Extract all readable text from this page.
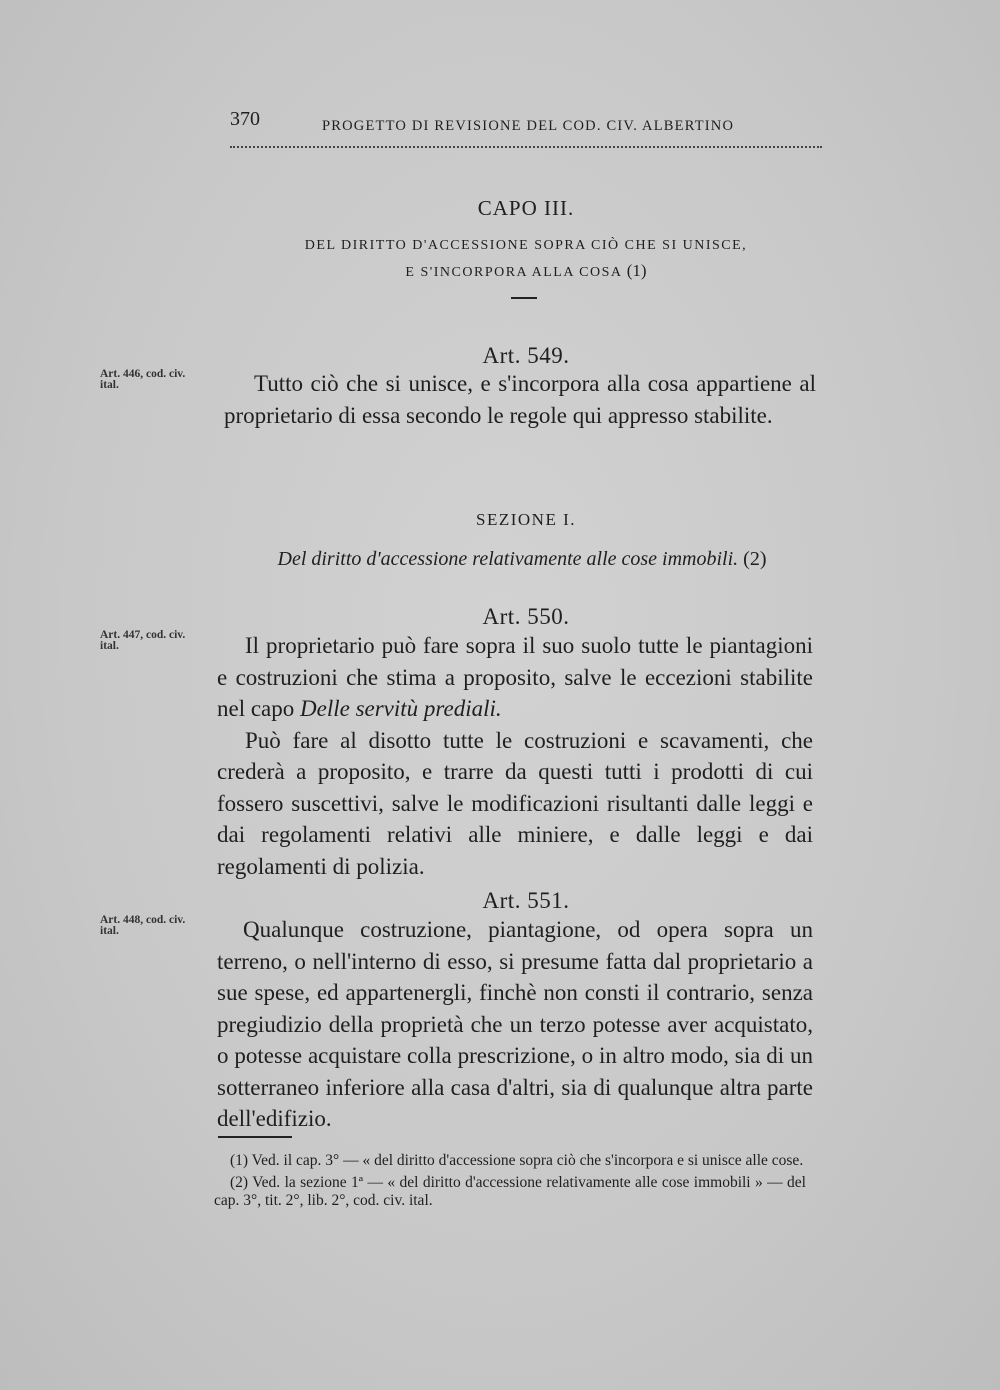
370	PROGETTO DI REVISIONE DEL COD. CIV. ALBERTINO
CAPO III.
DEL DIRITTO D'ACCESSIONE SOPRA CIÒ CHE SI UNISCE,
E S'INCORPORA ALLA COSA (1)
Art. 549.
Art. 446, cod. civ.
ital.	Tutto ciò che si unisce, e s'incorpora alla cosa appartiene al proprietario di essa secondo le regole qui appresso stabilite.
SEZIONE I.
Del diritto d'accessione relativamente alle cose immobili. (2)
Art. 550.
Art. 447, cod. civ.
ital.	Il proprietario può fare sopra il suo suolo tutte le piantagioni e costruzioni che stima a proposito, salve le eccezioni stabilite nel capo Delle servitù prediali.
Può fare al disotto tutte le costruzioni e scavamenti, che crederà a proposito, e trarre da questi tutti i prodotti di cui fossero suscettivi, salve le modificazioni risultanti dalle leggi e dai regolamenti relativi alle miniere, e dalle leggi e dai regolamenti di polizia.
Art. 551.
Art. 448, cod. civ.
ital.	Qualunque costruzione, piantagione, od opera sopra un terreno, o nell'interno di esso, si presume fatta dal proprietario a sue spese, ed appartenergli, finchè non consti il contrario, senza pregiudizio della proprietà che un terzo potesse aver acquistato, o potesse acquistare colla prescrizione, o in altro modo, sia di un sotterraneo inferiore alla casa d'altri, sia di qualunque altra parte dell'edifizio.

(1) Ved. il cap. 3° — « del diritto d'accessione sopra ciò che s'incorpora e si unisce alle cose.

(2) Ved. la sezione 1ª — « del diritto d'accessione relativamente alle cose immobili » — del cap. 3°, tit. 2°, lib. 2°, cod. civ. ital.
